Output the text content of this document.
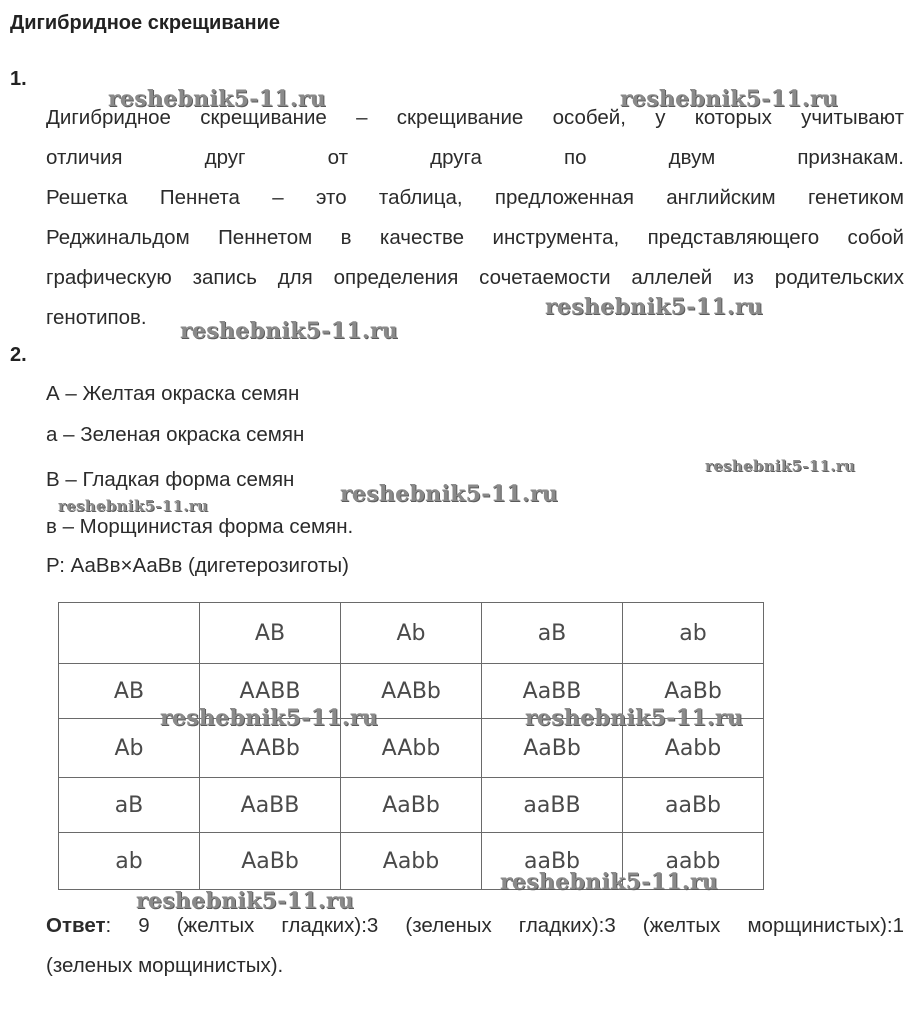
Дигибридное скрещивание
1.
Дигибридное скрещивание – скрещивание особей, у которых учитывают
отличия друг от друга по двум признакам.
Решетка Пеннета – это таблица, предложенная английским генетиком
Реджинальдом Пеннетом в качестве инструмента, представляющего собой
графическую запись для определения сочетаемости аллелей из родительских
генотипов.
2.
А – Желтая окраска семян
а – Зеленая окраска семян
В – Гладкая форма семян
в – Морщинистая форма семян.
Р: АаВв×АаВв (дигетерозиготы)
	AB	Ab	aB	ab
AB	AABB	AABb	AaBB	AaBb
Ab	AABb	AAbb	AaBb	Aabb
aB	AaBB	AaBb	aaBB	aaBb
ab	AaBb	Aabb	aaBb	aabb
Ответ: 9 (желтых гладких):3 (зеленых гладких):3 (желтых морщинистых):1
(зеленых морщинистых).
reshebnik5-11.ru	reshebnik5-11.ru
reshebnik5-11.ru
reshebnik5-11.ru
reshebnik5-11.ru
reshebnik5-11.ru
reshebnik5-11.ru
reshebnik5-11.ru	reshebnik5-11.ru
reshebnik5-11.ru
reshebnik5-11.ru
